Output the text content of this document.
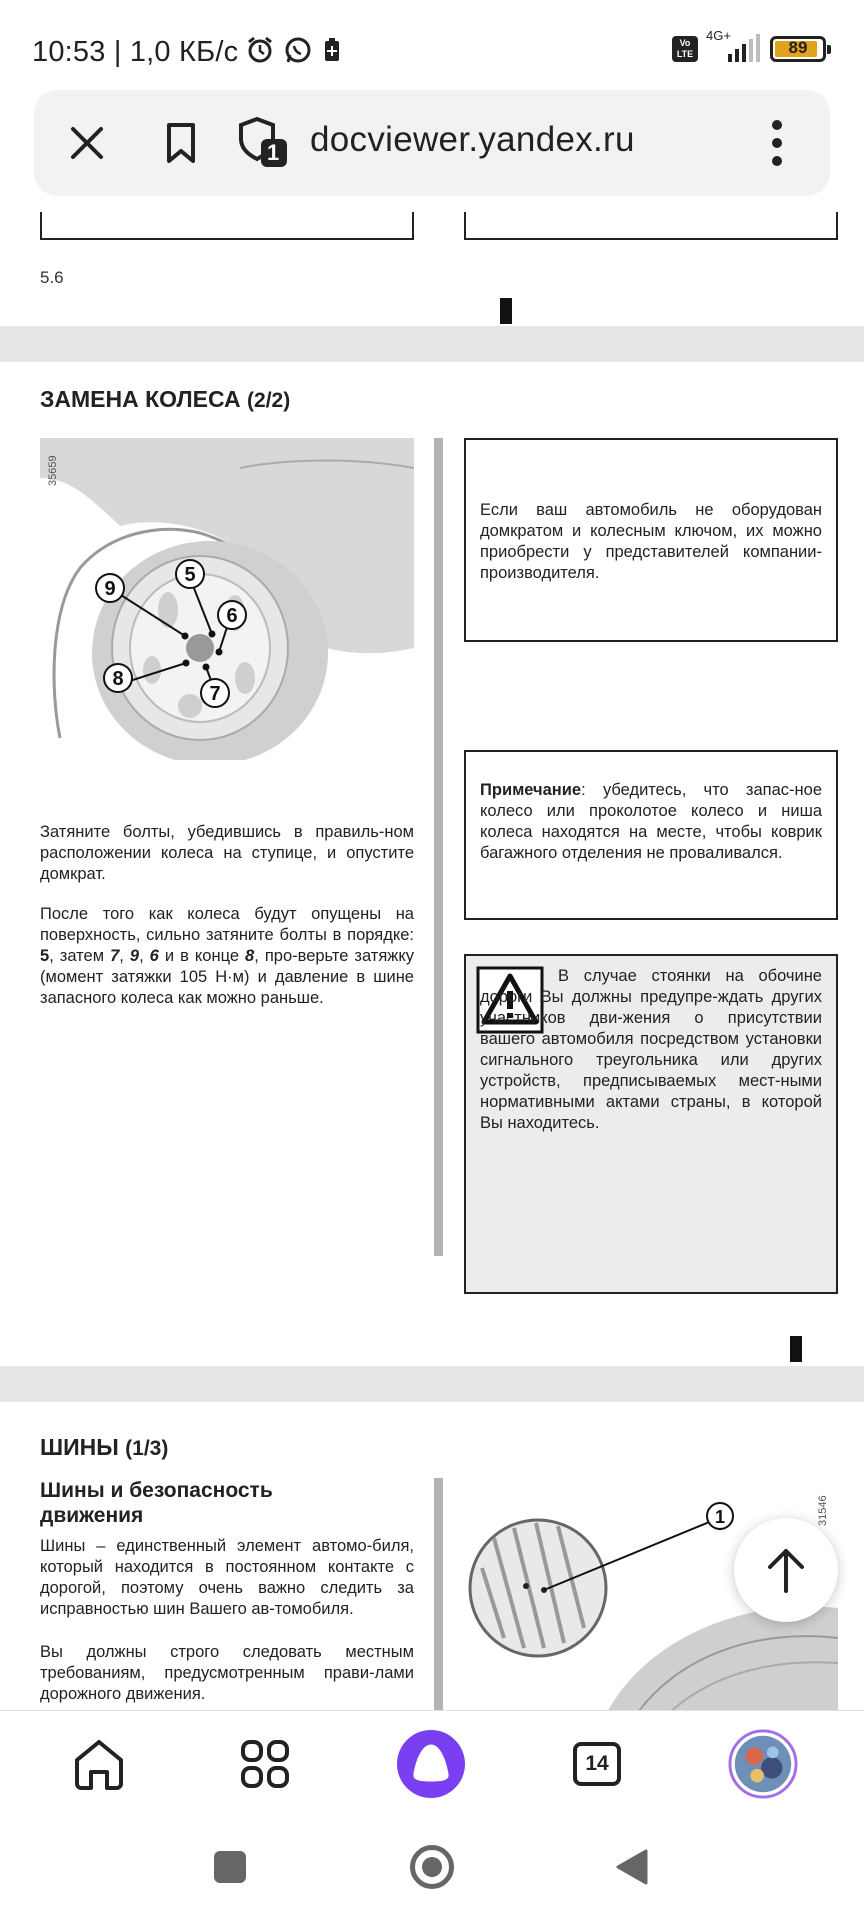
10:53 | 1,0 КБ/с	Vo LTE
4G+
89
1 docviewer.yandex.ru
5.6
ЗАМЕНА КОЛЕСА (2/2)
9
5
6
8
7
35659
Затяните болты, убедившись в правиль-ном расположении колеса на ступице, и опустите домкрат.
После того как колеса будут опущены на поверхность, сильно затяните болты в порядке: 5, затем 7, 9, 6 и в конце 8, про-верьте затяжку (момент затяжки 105 Н·м) и давление в шине запасного колеса как можно раньше.
Если ваш автомобиль не оборудован домкратом и колесным ключом, их можно приобрести у представителей компании-производителя.
Примечание: убедитесь, что запас-ное колесо или проколотое колесо и ниша колеса находятся на месте, чтобы коврик багажного отделения не проваливался.
В случае стоянки на обочине дороги Вы должны предупре-ждать других участников дви-жения о присутствии вашего автомобиля посредством установки сигнального треугольника или других устройств, предписываемых мест-ными нормативными актами страны, в которой Вы находитесь.
ШИНЫ (1/3)
Шины и безопасность движения
Шины – единственный элемент автомо-биля, который находится в постоянном контакте с дорогой, поэтому очень важно следить за исправностью шин Вашего ав-томобиля.
Вы должны строго следовать местным требованиям, предусмотренным прави-лами дорожного движения.
1	31546
14
